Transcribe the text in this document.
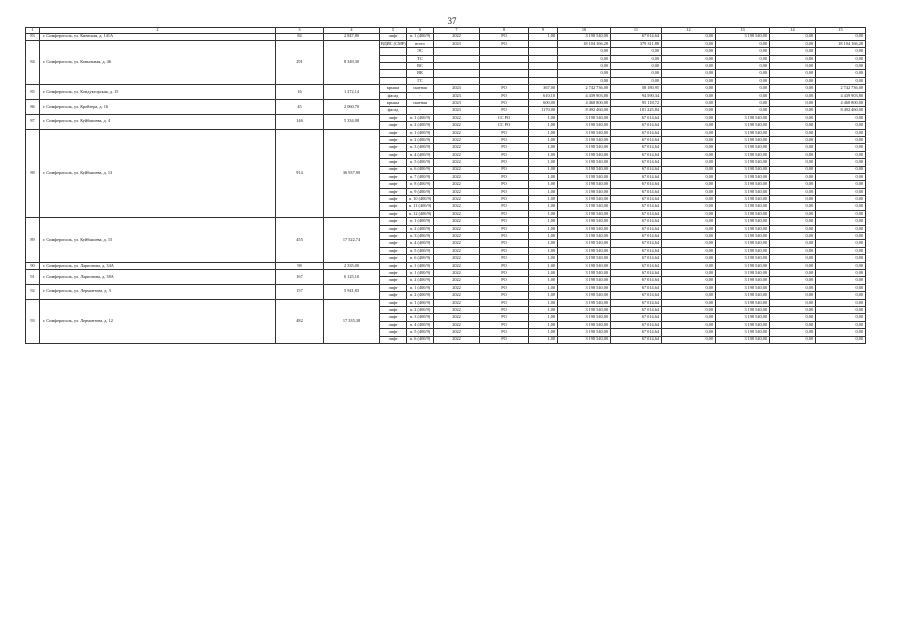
37
1	2	3	4	5	6	7	8	9	10	11	12	13	14	15
83	г. Симферополь, ул. Киевская, д. 141А	84	2 847,80	лифт	п. 1 (400/9)	2022	РО	1,00	3 198 540,00	67 014,64	0,00	3 198 540,00	0,00	0,00
84	г. Симферополь, ул. Ковыльная, д. 46	291	8 349,30	ВДИС (СМР)	всего	2023	РО		18 104 166,28	379 311,88	0,00	0,00	0,00	18 104 166,28
					ЭС				0,00	0,00	0,00	0,00	0,00	0,00
					ТС				0,00	0,00	0,00	0,00	0,00	0,00
					ВС				0,00	0,00	0,00	0,00	0,00	0,00
					ВК				0,00	0,00	0,00	0,00	0,00	0,00
					ГС				0,00	0,00	0,00	0,00	0,00	0,00
85	г. Симферополь, ул. Кондукторская, д. 15	16	1 272,14	крыша	скатная	2023	РО	367,00	2 742 736,00	58 180,95	0,00	0,00	0,00	2 742 736,00
				фасад	-	2023	РО	610,10	4 439 903,80	94 590,34	0,00	0,00	0,00	4 439 903,80
86	г. Симферополь, ул. Крейтера, д. 16	45	2 060,70	крыша	скатная	2023	РО	600,00	4 468 800,00	95 118,72	0,00	0,00	0,00	4 468 800,00
				фасад	-	2023	РО	1170,00	8 492 460,00	181 225,84	0,00	0,00	0,00	8 492 460,00
87	г. Симферополь, ул. Куйбышева, д. 4	146	5 334,08	лифт	п. 1 (400/9)	2022	СС РО	1,00	3 198 540,00	67 014,64	0,00	3 198 540,00	0,00	0,00
				лифт	п. 2 (400/9)	2022	СС РО	1,00	3 198 540,00	67 014,64	0,00	3 198 540,00	0,00	0,00
88	г. Симферополь, ул. Куйбышева, д. 13	914	36 937,90	лифт	п. 1 (400/9)	2022	РО	1,00	3 198 540,00	67 014,64	0,00	3 198 540,00	0,00	0,00
				лифт	п. 2 (400/9)	2022	РО	1,00	3 198 540,00	67 014,64	0,00	3 198 540,00	0,00	0,00
				лифт	п. 3 (400/9)	2022	РО	1,00	3 198 540,00	67 014,64	0,00	3 198 540,00	0,00	0,00
				лифт	п. 4 (400/9)	2022	РО	1,00	3 198 540,00	67 014,64	0,00	3 198 540,00	0,00	0,00
				лифт	п. 5 (400/9)	2022	РО	1,00	3 198 540,00	67 014,64	0,00	3 198 540,00	0,00	0,00
				лифт	п. 6 (400/9)	2022	РО	1,00	3 198 540,00	67 014,64	0,00	3 198 540,00	0,00	0,00
				лифт	п. 7 (400/9)	2022	РО	1,00	3 198 540,00	67 014,64	0,00	3 198 540,00	0,00	0,00
				лифт	п. 8 (400/9)	2022	РО	1,00	3 198 540,00	67 014,64	0,00	3 198 540,00	0,00	0,00
				лифт	п. 9 (400/9)	2022	РО	1,00	3 198 540,00	67 014,64	0,00	3 198 540,00	0,00	0,00
				лифт	п. 10 (400/9)	2022	РО	1,00	3 198 540,00	67 014,64	0,00	3 198 540,00	0,00	0,00
				лифт	п. 11 (400/9)	2022	РО	1,00	3 198 540,00	67 014,64	0,00	3 198 540,00	0,00	0,00
				лифт	п. 12 (400/9)	2022	РО	1,00	3 198 540,00	67 014,64	0,00	3 198 540,00	0,00	0,00
89	г. Симферополь, ул. Куйбышева, д. 15	455	17 522,74	лифт	п. 1 (400/9)	2022	РО	1,00	3 198 540,00	67 014,64	0,00	3 198 540,00	0,00	0,00
				лифт	п. 2 (400/9)	2022	РО	1,00	3 198 540,00	67 014,64	0,00	3 198 540,00	0,00	0,00
				лифт	п. 3 (400/9)	2022	РО	1,00	3 198 540,00	67 014,64	0,00	3 198 540,00	0,00	0,00
				лифт	п. 4 (400/9)	2022	РО	1,00	3 198 540,00	67 014,64	0,00	3 198 540,00	0,00	0,00
				лифт	п. 5 (400/9)	2022	РО	1,00	3 198 540,00	67 014,64	0,00	3 198 540,00	0,00	0,00
				лифт	п. 6 (400/9)	2022	РО	1,00	3 198 540,00	67 014,64	0,00	3 198 540,00	0,00	0,00
90	г. Симферополь, ул. Ларионова, д. 34А	98	2 335,00	лифт	п. 1 (400/9)	2022	РО	1,00	3 198 540,00	67 014,64	0,00	3 198 540,00	0,00	0,00
91	г. Симферополь, ул. Ларионова, д. 38А	167	6 125,10	лифт	п. 1 (400/9)	2022	РО	1,00	3 198 540,00	67 014,64	0,00	3 198 540,00	0,00	0,00
				лифт	п. 2 (400/9)	2022	РО	1,00	3 198 540,00	67 014,64	0,00	3 198 540,00	0,00	0,00
92	г. Симферополь, ул. Лермонтова, д. 3	157	5 941,83	лифт	п. 1 (400/9)	2022	РО	1,00	3 198 540,00	67 014,64	0,00	3 198 540,00	0,00	0,00
				лифт	п. 2 (400/9)	2022	РО	1,00	3 198 540,00	67 014,64	0,00	3 198 540,00	0,00	0,00
93	г. Симферополь, ул. Лермонтова, д. 12	482	17 335,38	лифт	п. 1 (400/9)	2022	РО	1,00	3 198 540,00	67 014,64	0,00	3 198 540,00	0,00	0,00
				лифт	п. 2 (400/9)	2022	РО	1,00	3 198 540,00	67 014,64	0,00	3 198 540,00	0,00	0,00
				лифт	п. 3 (400/9)	2022	РО	1,00	3 198 540,00	67 014,64	0,00	3 198 540,00	0,00	0,00
				лифт	п. 4 (400/9)	2022	РО	1,00	3 198 540,00	67 014,64	0,00	3 198 540,00	0,00	0,00
				лифт	п. 5 (400/9)	2022	РО	1,00	3 198 540,00	67 014,64	0,00	3 198 540,00	0,00	0,00
				лифт	п. 6 (400/9)	2022	РО	1,00	3 198 540,00	67 014,64	0,00	3 198 540,00	0,00	0,00
